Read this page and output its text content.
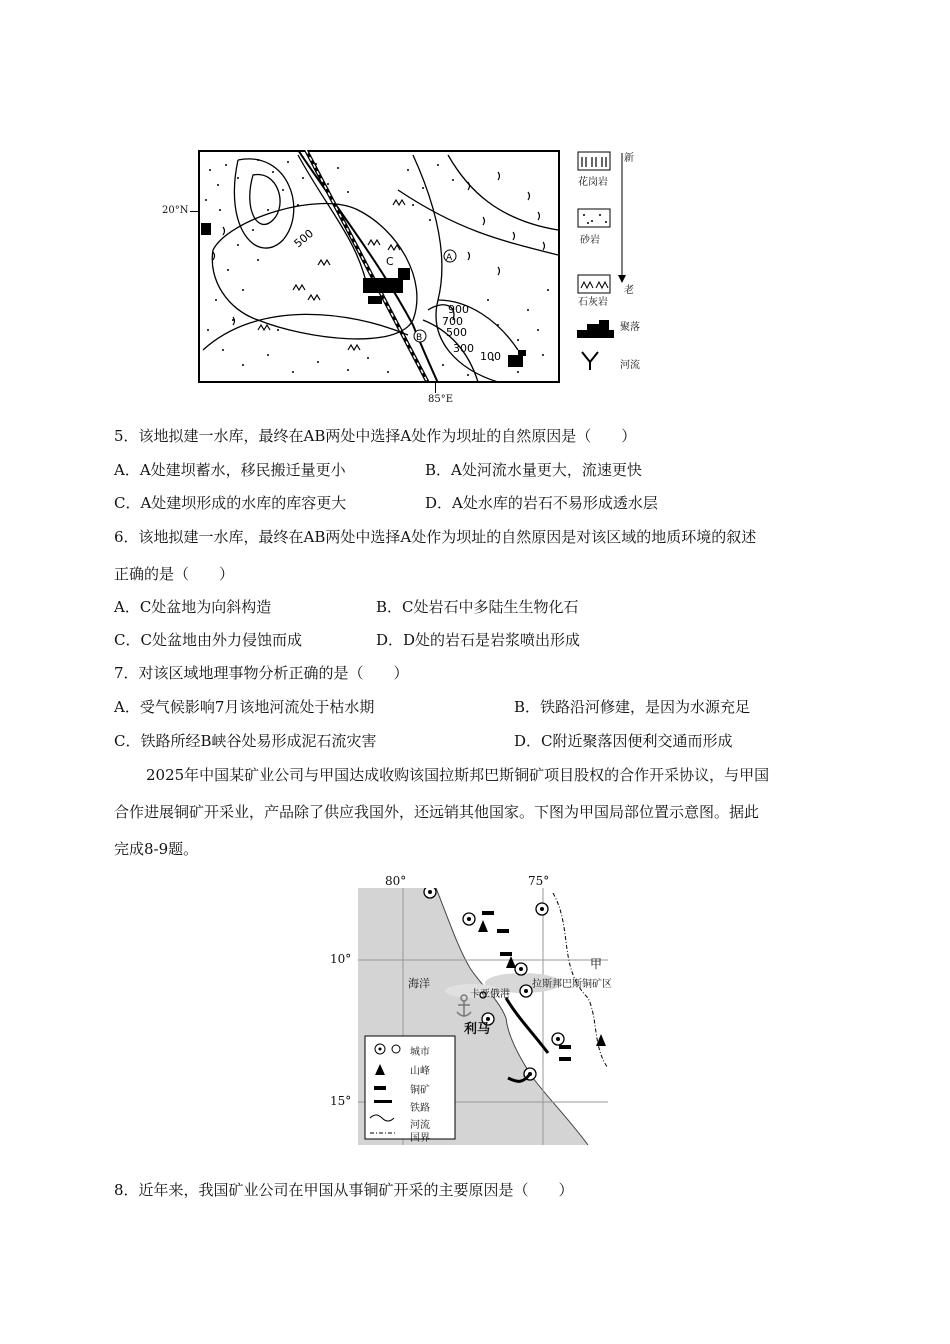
A
B
C
500
900
700
500
300
100
20°N
85°E
新
老
花岗岩
砂岩
石灰岩
聚落
河流
5．该地拟建一水库，最终在AB两处中选择A处作为坝址的自然原因是（　　）
A．A处建坝蓄水，移民搬迁量更小	B．A处河流水量更大，流速更快
C．A处建坝形成的水库的库容更大	D．A处水库的岩石不易形成透水层
6．该地拟建一水库，最终在AB两处中选择A处作为坝址的自然原因是对该区域的地质环境的叙述
正确的是（　　）
A．C处盆地为向斜构造	B．C处岩石中多陆生生物化石
C．C处盆地由外力侵蚀而成	D．D处的岩石是岩浆喷出形成
7．对该区域地理事物分析正确的是（　　）
A．受气候影响7月该地河流处于枯水期	B．铁路沿河修建，是因为水源充足
C．铁路所经B峡谷处易形成泥石流灾害	D．C附近聚落因便利交通而形成
2025年中国某矿业公司与甲国达成收购该国拉斯邦巴斯铜矿项目股权的合作开采协议，与甲国
合作进展铜矿开采业，产品除了供应我国外，还远销其他国家。下图为甲国局部位置示意图。据此
完成8-9题。
80°	75°
10°
15°
海洋
甲
卡亚俄港
拉斯邦巴斯铜矿区
利马
城市
山峰
铜矿
铁路
河流
国界
8．近年来，我国矿业公司在甲国从事铜矿开采的主要原因是（　　）
